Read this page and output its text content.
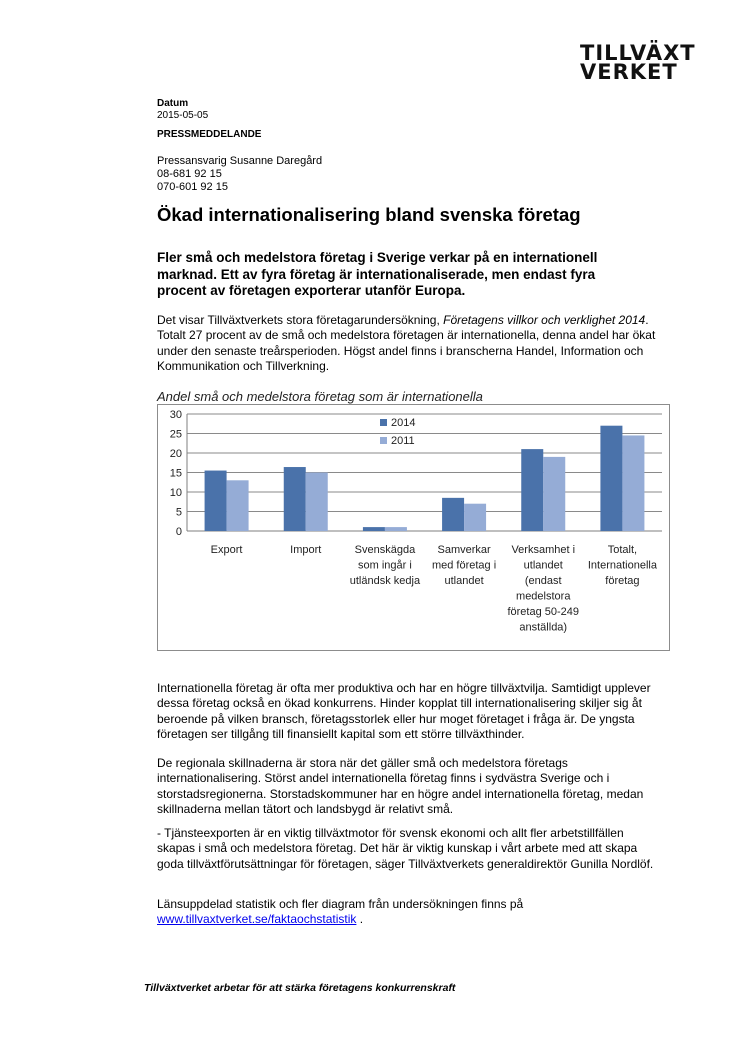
TILLVÄXT
VERKET
Datum
2015-05-05
PRESSMEDDELANDE
Pressansvarig Susanne Daregård
08-681 92 15
070-601 92 15
Ökad internationalisering bland svenska företag
Fler små och medelstora företag i Sverige verkar på en internationell marknad. Ett av fyra företag är internationaliserade, men endast fyra procent av företagen exporterar utanför Europa.
Det visar Tillväxtverkets stora företagarundersökning, Företagens villkor och verklighet 2014. Totalt 27 procent av de små och medelstora företagen är internationella, denna andel har ökat under den senaste treårsperioden. Högst andel finns i branscherna Handel, Information och Kommunikation och Tillverkning.
Andel små och medelstora företag som är internationella
0
5
10
15
20
25
30
Export	Import	Svenskägda som ingår i utländsk kedja
Samverkar med företag i utlandet
Verksamhet i utlandet (endast medelstora företag 50-249 anställda)
Totalt, Internationella företag
2014
2011
Internationella företag är ofta mer produktiva och har en högre tillväxtvilja. Samtidigt upplever dessa företag också en ökad konkurrens. Hinder kopplat till internationalisering skiljer sig åt beroende på vilken bransch, företagsstorlek eller hur moget företaget i fråga är. De yngsta företagen ser tillgång till finansiellt kapital som ett större tillväxthinder.
De regionala skillnaderna är stora när det gäller små och medelstora företags internationalisering. Störst andel internationella företag finns i sydvästra Sverige och i storstadsregionerna. Storstadskommuner har en högre andel internationella företag, medan skillnaderna mellan tätort och landsbygd är relativt små.
- Tjänsteexporten är en viktig tillväxtmotor för svensk ekonomi och allt fler arbetstillfällen skapas i små och medelstora företag. Det här är viktig kunskap i vårt arbete med att skapa goda tillväxtförutsättningar för företagen, säger Tillväxtverkets generaldirektör Gunilla Nordlöf.
Länsuppdelad statistik och fler diagram från undersökningen finns på
www.tillvaxtverket.se/faktaochstatistik .
Tillväxtverket arbetar för att stärka företagens konkurrenskraft
